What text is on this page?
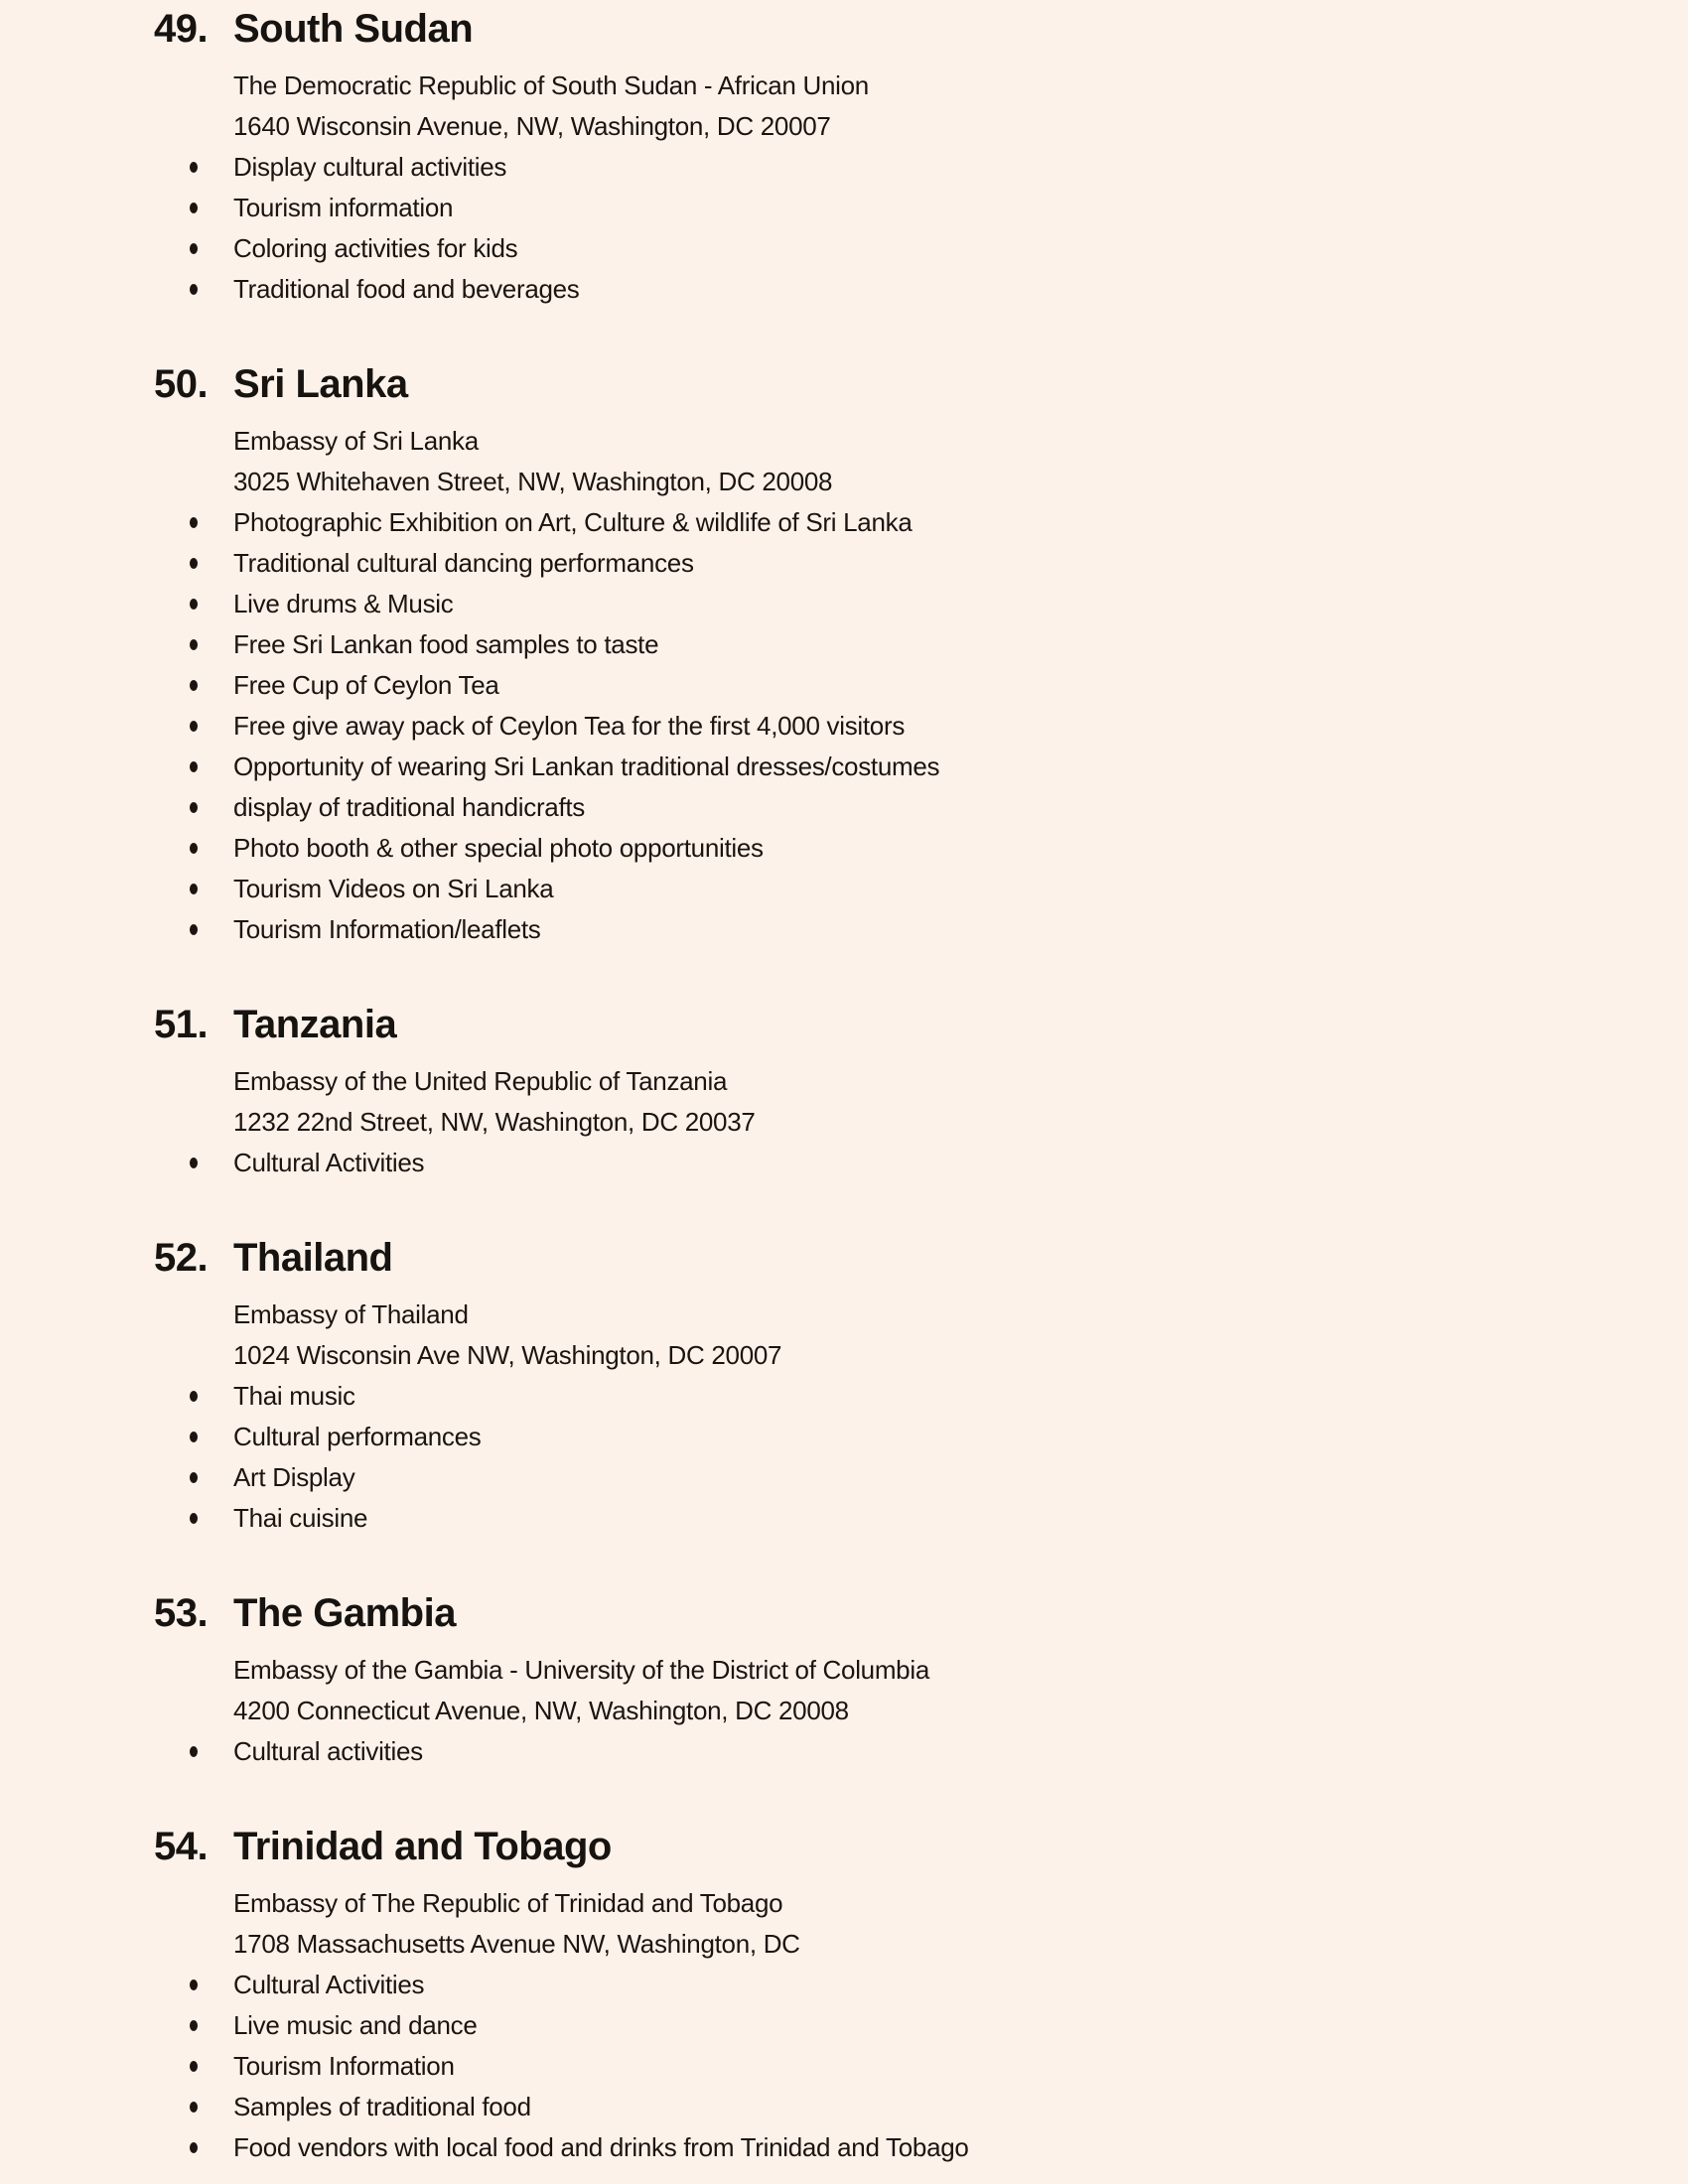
49. South Sudan
The Democratic Republic of South Sudan - African Union
1640 Wisconsin Avenue, NW, Washington, DC 20007
Display cultural activities
Tourism information
Coloring activities for kids
Traditional food and beverages
50. Sri Lanka
Embassy of Sri Lanka
3025 Whitehaven Street, NW, Washington, DC 20008
Photographic Exhibition on Art, Culture & wildlife of Sri Lanka
Traditional cultural dancing performances
Live drums & Music
Free Sri Lankan food samples to taste
Free Cup of Ceylon Tea
Free give away pack of Ceylon Tea for the first 4,000 visitors
Opportunity of wearing Sri Lankan traditional dresses/costumes
display of traditional handicrafts
Photo booth & other special photo opportunities
Tourism Videos on Sri Lanka
Tourism Information/leaflets
51. Tanzania
Embassy of the United Republic of Tanzania
1232 22nd Street, NW, Washington, DC 20037
Cultural Activities
52. Thailand
Embassy of Thailand
1024 Wisconsin Ave NW, Washington, DC 20007
Thai music
Cultural performances
Art Display
Thai cuisine
53. The Gambia
Embassy of the Gambia - University of the District of Columbia
4200 Connecticut Avenue, NW, Washington, DC 20008
Cultural activities
54. Trinidad and Tobago
Embassy of The Republic of Trinidad and Tobago
1708 Massachusetts Avenue NW, Washington, DC
Cultural Activities
Live music and dance
Tourism Information
Samples of traditional food
Food vendors with local food and drinks from Trinidad and Tobago
